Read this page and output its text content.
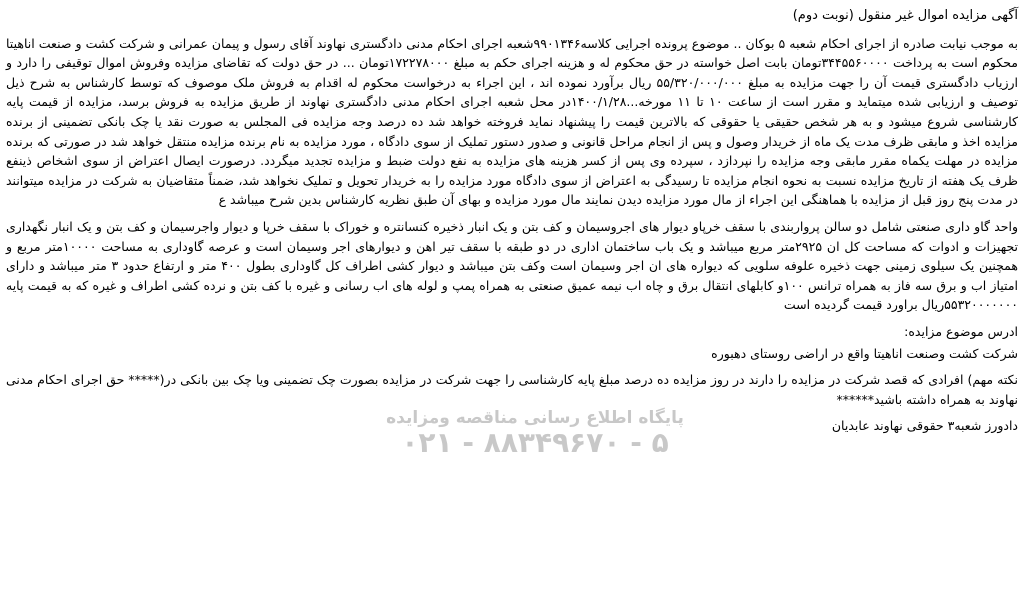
آگهی مزایده اموال غیر منقول (نوبت دوم)

به موجب نیابت صادره از اجرای احکام شعبه ۵ بوکان .. موضوع پرونده اجرایی کلاسه۹۹۰۱۳۴۶شعبه اجرای احکام مدنی دادگستری نهاوند آقای رسول و پیمان عمرانی و شرکت کشت و صنعت اناهیتا محکوم است به پرداخت ۳۴۴۵۵۶۰۰۰۰تومان بابت اصل خواسته در حق محکوم له و هزینه اجرای حکم به مبلغ ۱۷۲۲۷۸۰۰۰تومان ... در حق دولت که تقاضای مزایده وفروش اموال توقیفی را دارد و ارزیاب دادگستری قیمت آن را جهت مزایده به مبلغ ۵۵/۳۲۰/۰۰۰/۰۰۰ ریال برآورد نموده اند ، این اجراء به درخواست محکوم له اقدام به فروش ملک موصوف که توسط کارشناس به شرح ذیل توصیف و ارزیابی شده میتماید و مقرر است از ساعت ۱۰ تا ۱۱ مورخه...۱۴۰۰/۱/۲۸در محل شعبه اجرای احکام مدنی دادگستری نهاوند از طریق مزایده به فروش برسد، مزایده از قیمت پایه کارشناسی شروع میشود و به هر شخص حقیقی یا حقوقی که بالاترین قیمت را پیشنهاد نماید فروخته خواهد شد ده درصد وجه مزایده فی المجلس به صورت نقد یا چک بانکی تضمینی از برنده مزایده اخذ و مابقی ظرف مدت یک ماه از خریدار وصول و پس از انجام مراحل قانونی و صدور دستور تملیک از سوی دادگاه ، مورد مزایده به نام برنده مزایده منتقل خواهد شد در صورتی که برنده مزایده در مهلت یکماه مقرر مابقی وجه مزایده را نپردازد ، سپرده وی پس از کسر هزینه های مزایده به نفع دولت ضبط و مزایده تجدید میگردد. درصورت ایصال اعتراض از سوی اشخاص ذینفع ظرف یک هفته از تاریخ مزایده نسبت به نحوه انجام مزایده تا رسیدگی به اعتراض از سوی دادگاه مورد مزایده را به خریدار تحویل و تملیک نخواهد شد، ضمناً متقاضیان به شرکت در مزایده میتوانند در مدت پنج روز قبل از مزایده با هماهنگی این اجراء از مال مورد مزایده دیدن نمایند مال مورد مزایده و بهای آن طبق نظریه کارشناس بدین شرح میباشد ع

واحد گاو داری صنعتی شامل دو سالن پرواربندی با سقف خرپاو دیوار های اجروسیمان و کف بتن و یک انبار ذخیره کنسانتره و خوراک با سقف خرپا و دیوار واجرسیمان و کف بتن و یک انبار نگهداری تجهیزات و ادوات که مساحت کل ان ۲۹۲۵متر مربع میباشد و یک باب ساختمان اداری در دو طبقه با سقف تیر اهن و دیوارهای اجر وسیمان است و عرصه گاوداری به مساحت ۱۰۰۰۰متر مربع و همچنین یک سیلوی زمینی جهت ذخیره علوفه سلویی که دیواره های ان اجر وسیمان است وکف بتن میباشد و دیوار کشی اطراف کل گاوداری بطول ۴۰۰ متر و ارتفاع حدود ۳ متر میباشد و دارای امتیاز اب و برق سه فاز به همراه ترانس ۱۰۰و کابلهای انتقال برق و چاه اب نیمه عمیق صنعتی به همراه پمپ و لوله های اب رسانی و غیره با کف بتن و نرده کشی اطراف و غیره که به قیمت پایه ۵۵۳۲۰۰۰۰۰۰۰ریال براورد قیمت گردیده است

ادرس موضوع مزایده:

شرکت کشت وصنعت اناهیتا واقع در اراضی روستای دهبوره

نکته مهم) افرادی که قصد شرکت در مزایده را دارند در روز مزایده ده درصد مبلغ پایه کارشناسی را جهت شرکت در مزایده بصورت چک تضمینی ویا چک بین بانکی در(***** حق اجرای احکام مدنی نهاوند به همراه داشته باشید******

دادورز شعبه۳ حقوقی نهاوند عابدیان

پایگاه اطلاع رسانی مناقصه ومزایده
۰۲۱ - ۸۸۳۴۹۶۷۰ - ۵
